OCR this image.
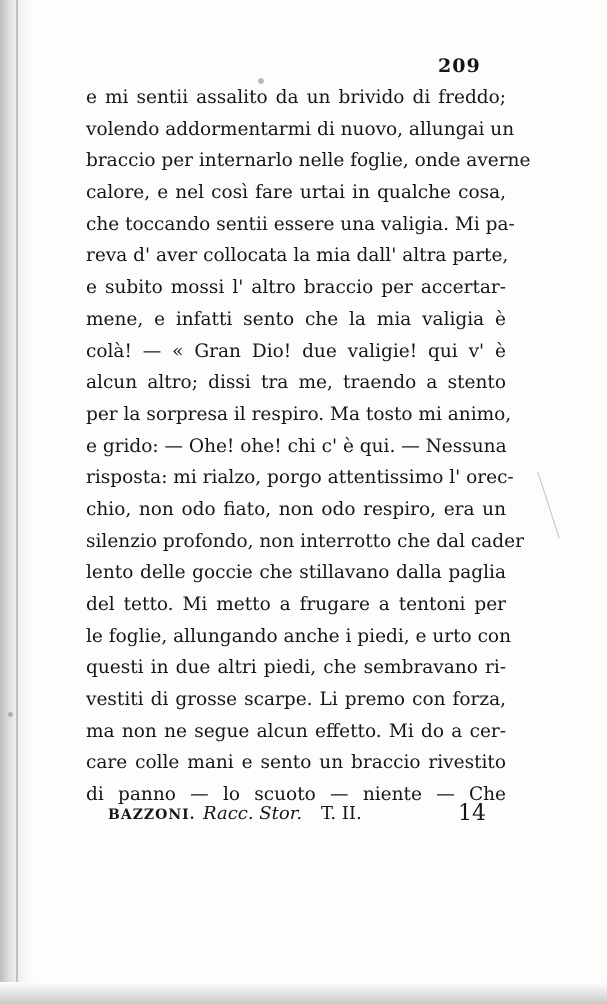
209
e mi sentii assalito da un brivido di freddo;
volendo addormentarmi di nuovo, allungai un
braccio per internarlo nelle foglie, onde averne
calore, e nel così fare urtai in qualche cosa,
che toccando sentii essere una valigia. Mi pa-
reva d' aver collocata la mia dall' altra parte,
e subito mossi l' altro braccio per accertar-
mene, e infatti sento che la mia valigia è
colà! — « Gran Dio! due valigie! qui v' è
alcun altro; dissi tra me, traendo a stento
per la sorpresa il respiro. Ma tosto mi animo,
e grido: — Ohe! ohe! chi c' è qui. — Nessuna
risposta: mi rialzo, porgo attentissimo l' orec-
chio, non odo fiato, non odo respiro, era un
silenzio profondo, non interrotto che dal cader
lento delle goccie che stillavano dalla paglia
del tetto. Mi metto a frugare a tentoni per
le foglie, allungando anche i piedi, e urto con
questi in due altri piedi, che sembravano ri-
vestiti di grosse scarpe. Li premo con forza,
ma non ne segue alcun effetto. Mi do a cer-
care colle mani e sento un braccio rivestito
di panno — lo scuoto — niente — Che
BAZZONI. Racc. Stor. T. II.	14
